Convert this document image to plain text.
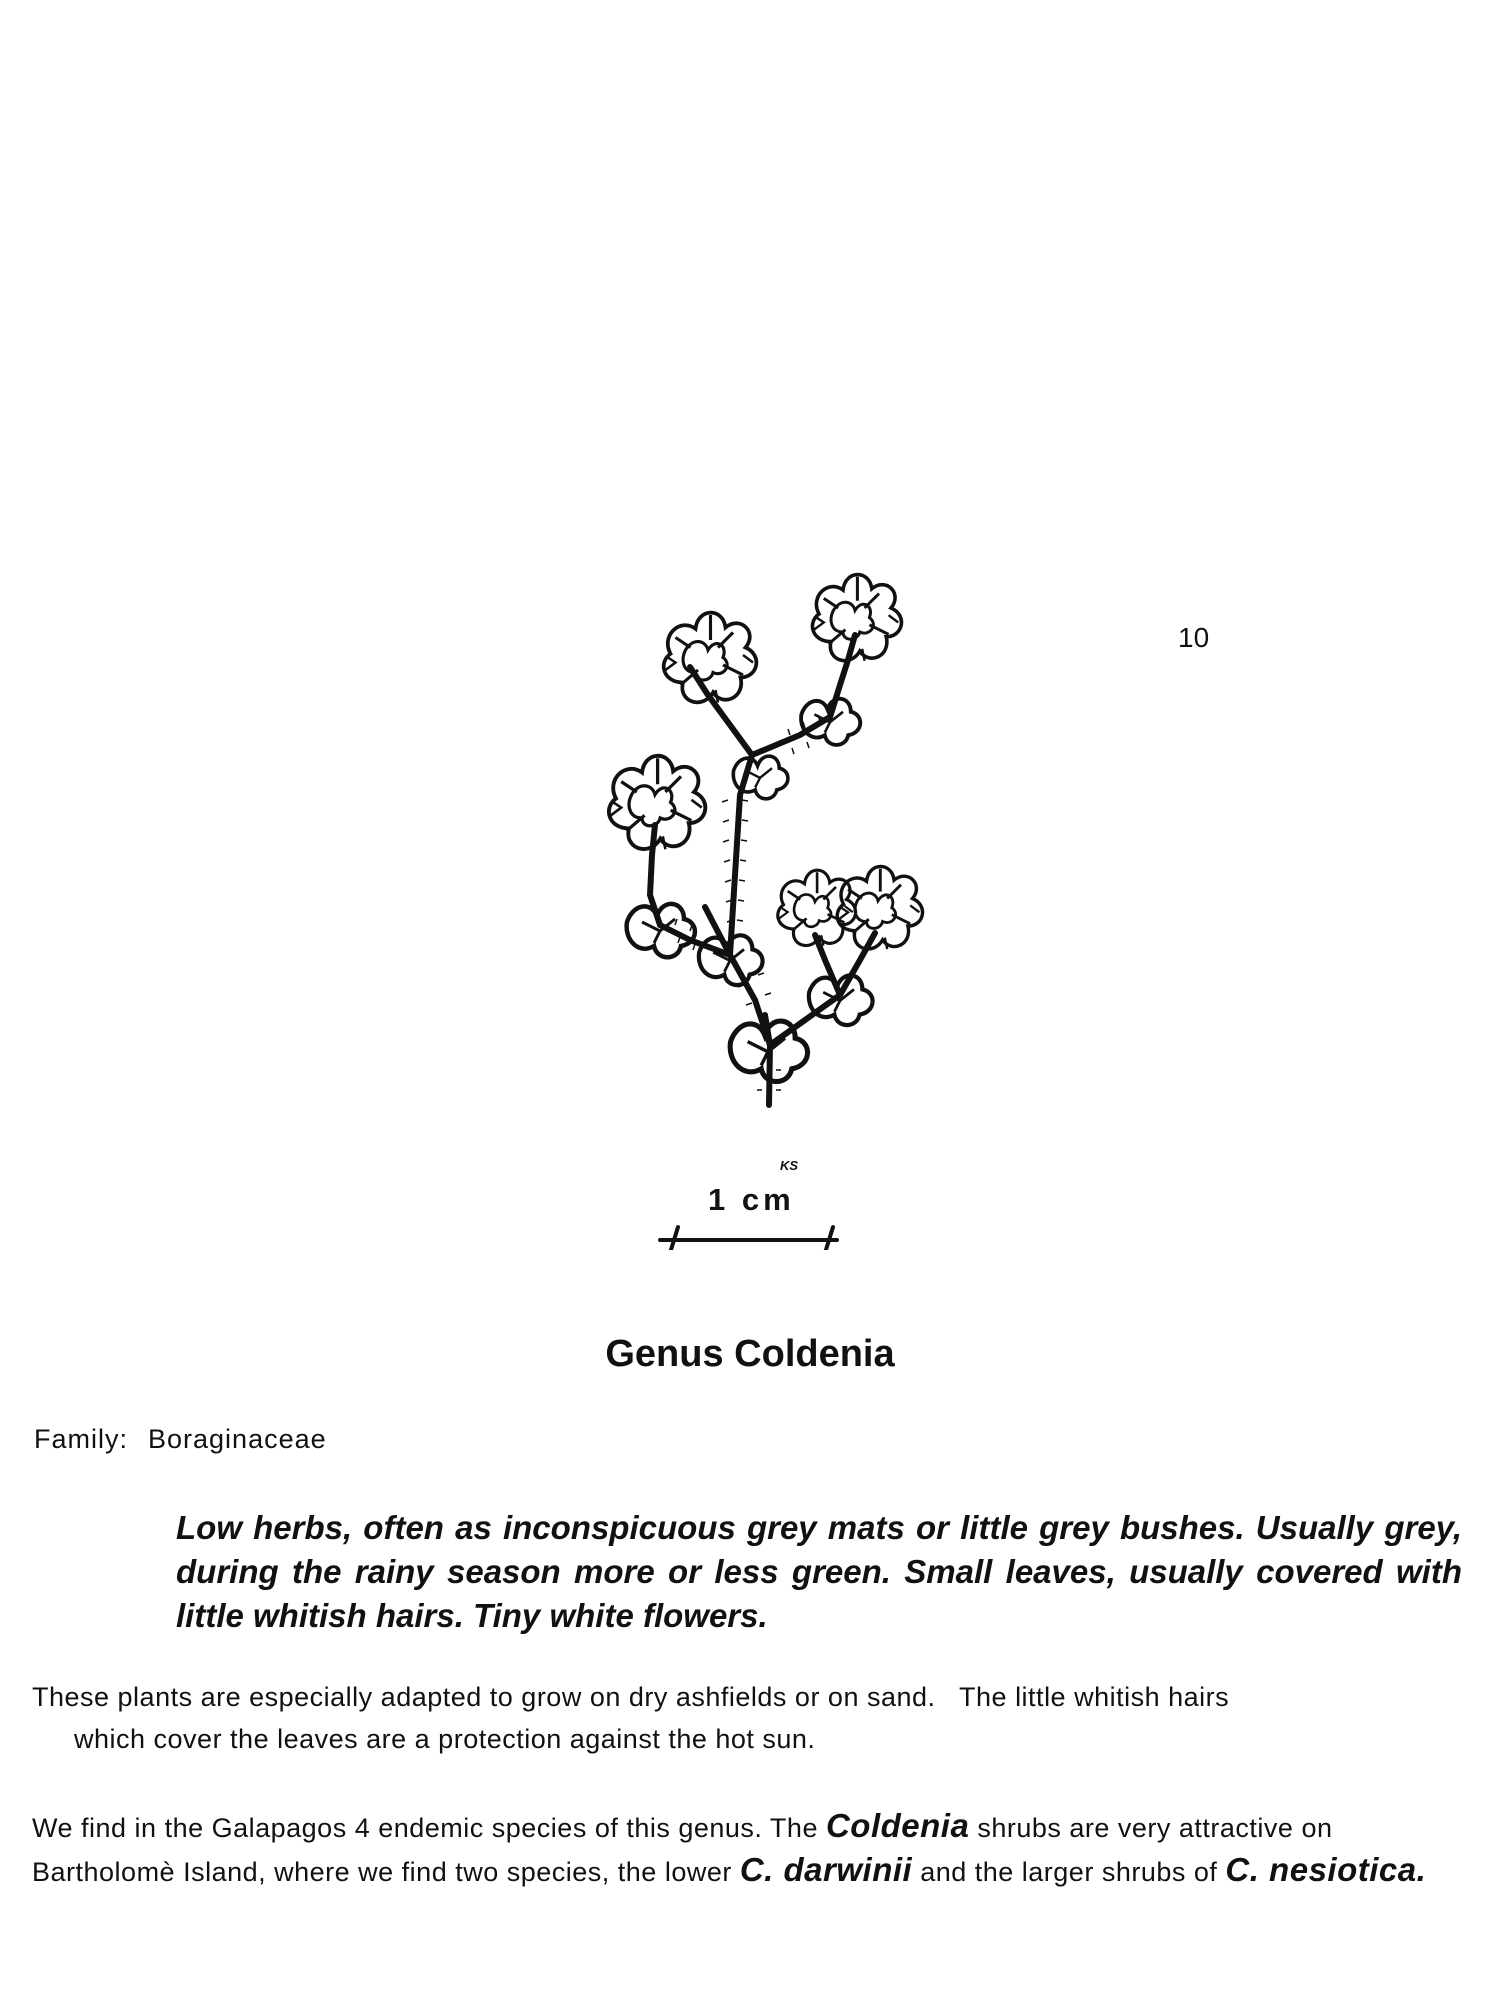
10
KS
1 cm
Genus Coldenia
Family: Boraginaceae
Low herbs, often as inconspicuous grey mats or little grey bushes. Usually grey, during the rainy season more or less green. Small leaves, usually covered with little whitish hairs. Tiny white flowers.
These plants are especially adapted to grow on dry ashfields or on sand.   The little whitish hairs
which cover the leaves are a protection against the hot sun.
We find in the Galapagos 4 endemic species of this genus. The Coldenia shrubs are very attractive on Bartholomè Island, where we find two species, the lower C. darwinii and the larger shrubs of C. nesiotica.
